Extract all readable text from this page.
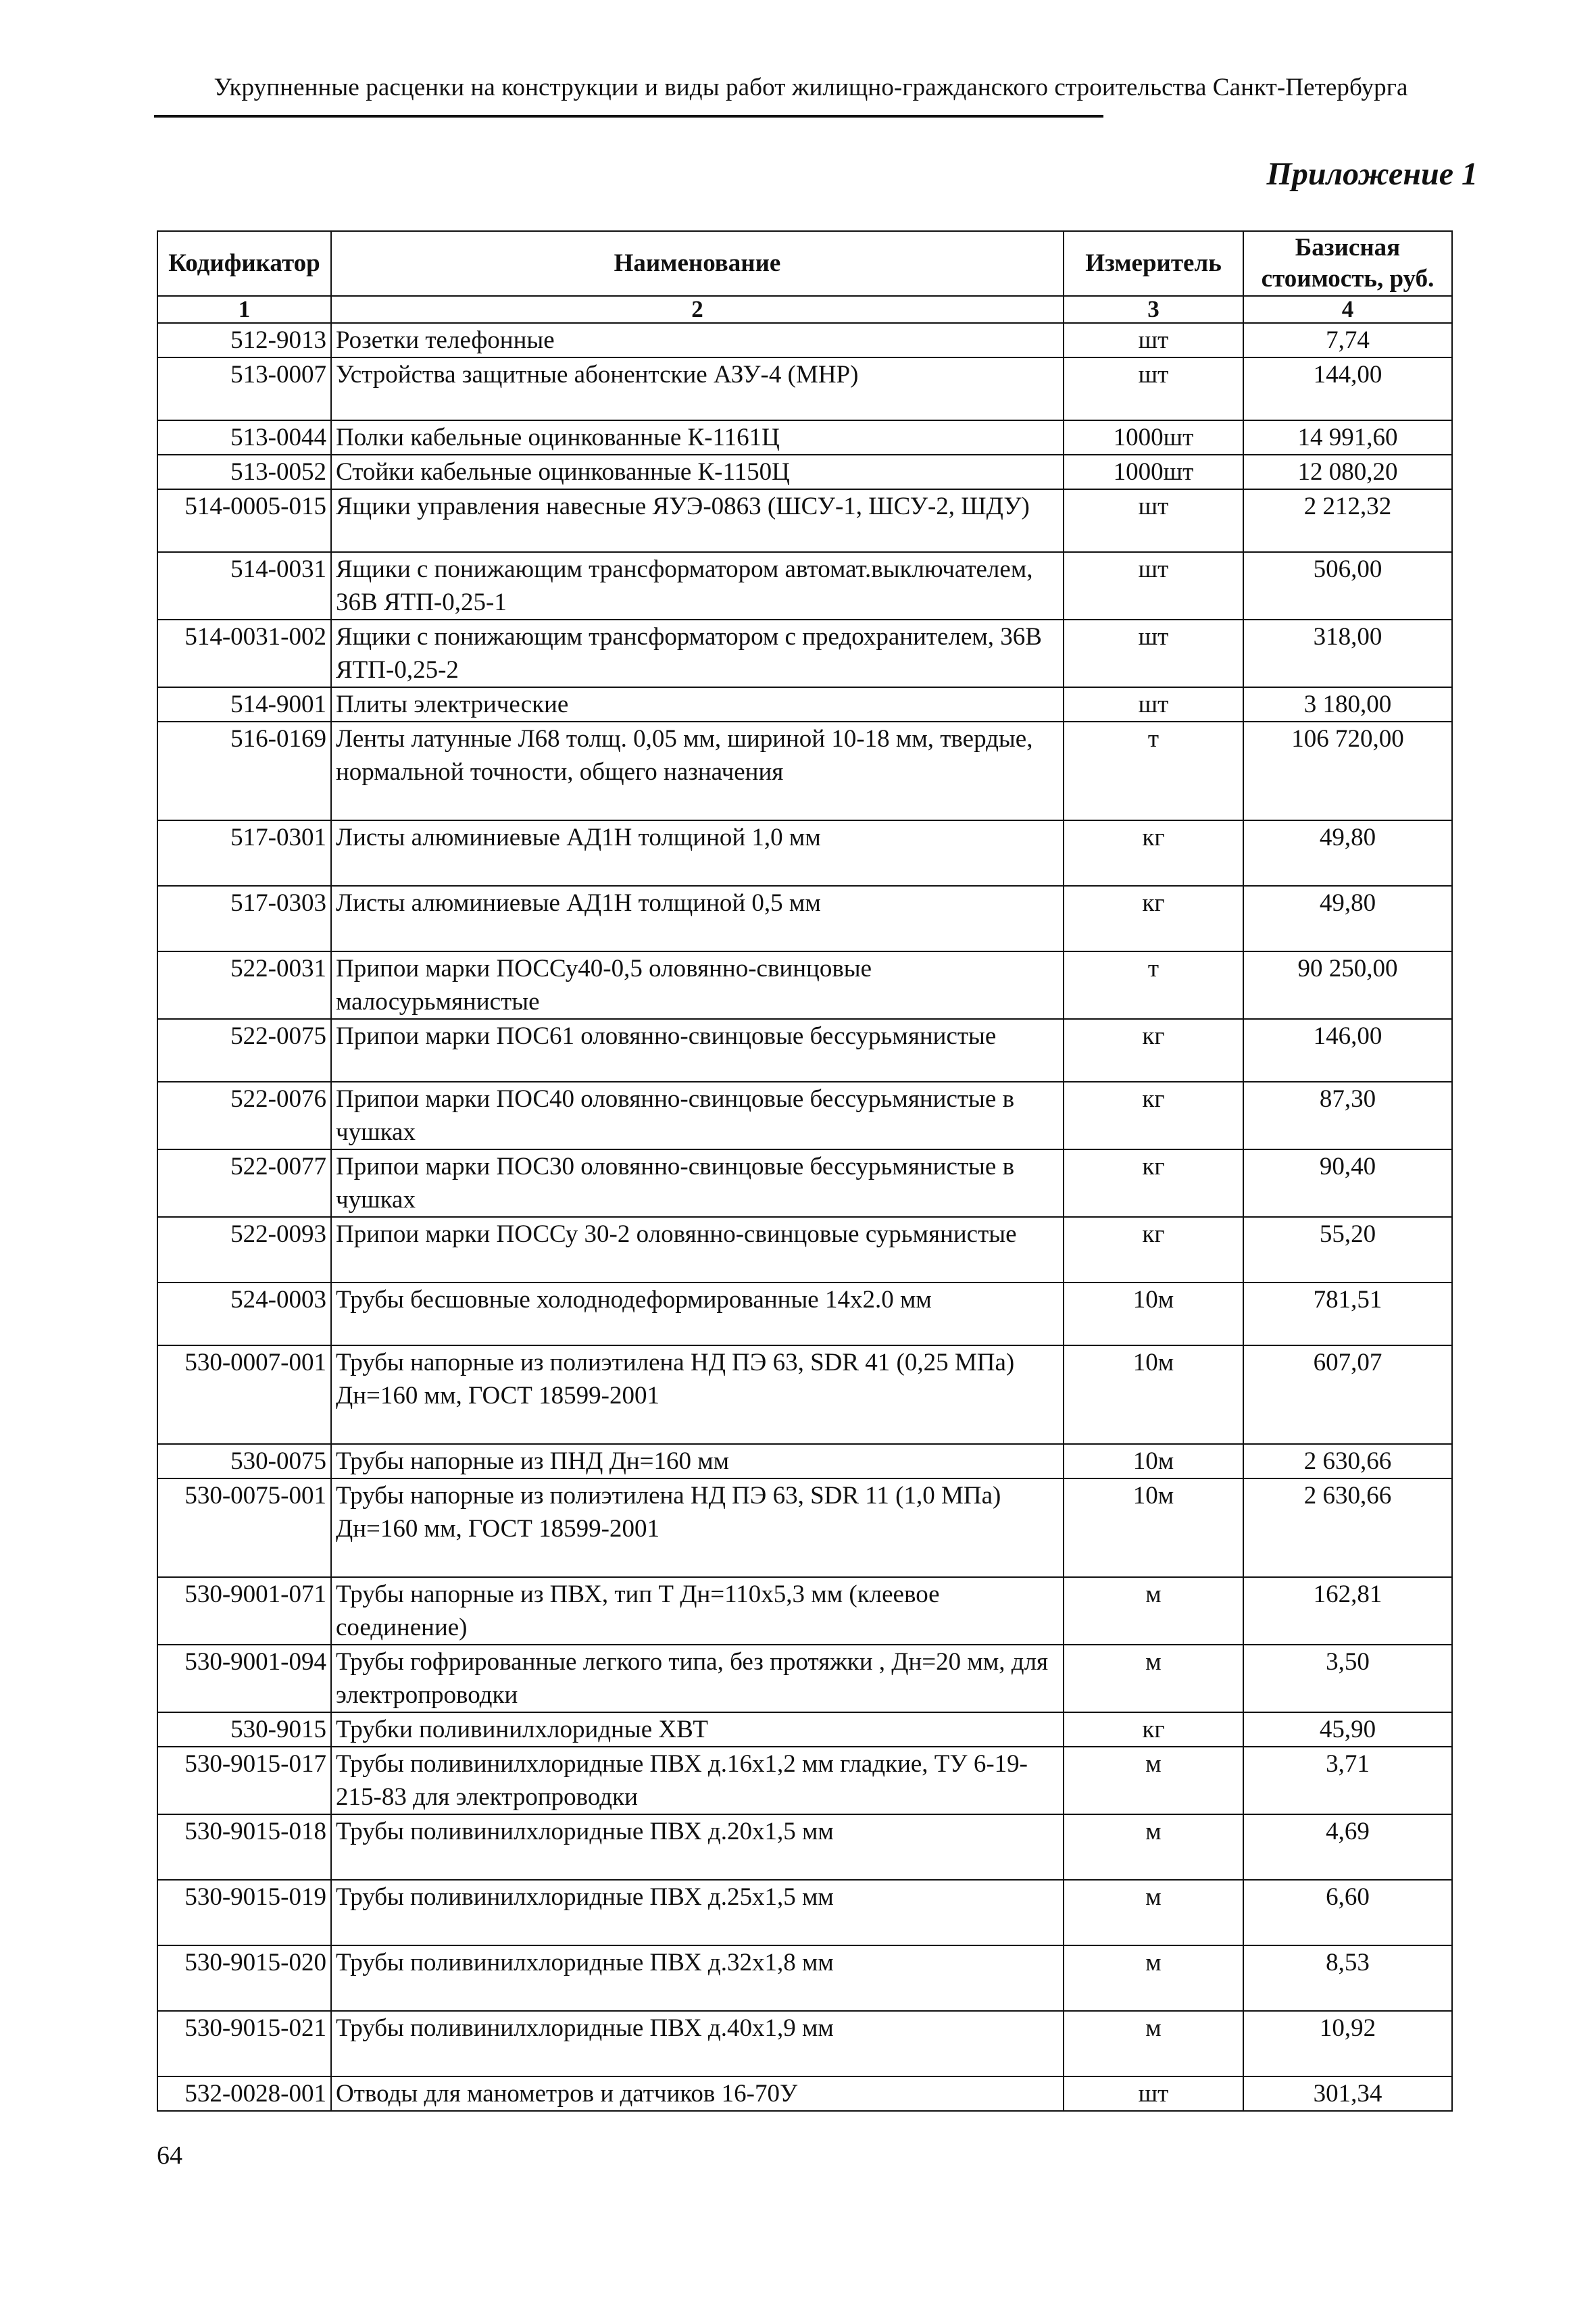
Укрупненные расценки на конструкции и виды работ жилищно-гражданского строительства Санкт-Петербурга
Приложение 1
Кодификатор	Наименование	Измеритель	Базисная стоимость, руб.
1	2	3	4
512-9013	Розетки телефонные	шт	7,74
513-0007	Устройства защитные абонентские АЗУ-4 (МНР)	шт	144,00
513-0044	Полки кабельные оцинкованные К-1161Ц	1000шт	14 991,60
513-0052	Стойки кабельные оцинкованные К-1150Ц	1000шт	12 080,20
514-0005-015	Ящики управления навесные ЯУЭ-0863 (ШСУ-1, ШСУ-2, ШДУ)	шт	2 212,32
514-0031	Ящики с понижающим трансформатором автомат.выключателем, 36В ЯТП-0,25-1	шт	506,00
514-0031-002	Ящики с понижающим трансформатором с предохранителем, 36В ЯТП-0,25-2	шт	318,00
514-9001	Плиты электрические	шт	3 180,00
516-0169	Ленты латунные Л68 толщ. 0,05 мм, шириной 10-18 мм, твердые, нормальной точности, общего назначения	т	106 720,00
517-0301	Листы алюминиевые АД1Н толщиной 1,0 мм	кг	49,80
517-0303	Листы алюминиевые АД1Н толщиной 0,5 мм	кг	49,80
522-0031	Припои марки ПОССу40-0,5 оловянно-свинцовые малосурьмянистые	т	90 250,00
522-0075	Припои марки ПОС61 оловянно-свинцовые бессурьмянистые	кг	146,00
522-0076	Припои марки ПОС40 оловянно-свинцовые бессурьмянистые в чушках	кг	87,30
522-0077	Припои марки ПОС30 оловянно-свинцовые бессурьмянистые в чушках	кг	90,40
522-0093	Припои марки ПОССу 30-2 оловянно-свинцовые сурьмянистые	кг	55,20
524-0003	Трубы бесшовные холоднодеформированные 14х2.0 мм	10м	781,51
530-0007-001	Трубы напорные из полиэтилена НД ПЭ 63, SDR 41 (0,25 МПа) Дн=160 мм, ГОСТ 18599-2001	10м	607,07
530-0075	Трубы напорные из ПНД Дн=160 мм	10м	2 630,66
530-0075-001	Трубы напорные из полиэтилена НД ПЭ 63, SDR 11 (1,0 МПа) Дн=160 мм, ГОСТ 18599-2001	10м	2 630,66
530-9001-071	Трубы напорные из ПВХ, тип Т Дн=110х5,3 мм (клеевое соединение)	м	162,81
530-9001-094	Трубы гофрированные легкого типа, без протяжки , Дн=20 мм, для электропроводки	м	3,50
530-9015	Трубки поливинилхлоридные ХВТ	кг	45,90
530-9015-017	Трубы поливинилхлоридные ПВХ д.16х1,2 мм гладкие, ТУ 6-19-215-83 для электропроводки	м	3,71
530-9015-018	Трубы поливинилхлоридные ПВХ д.20х1,5 мм	м	4,69
530-9015-019	Трубы поливинилхлоридные ПВХ д.25х1,5 мм	м	6,60
530-9015-020	Трубы поливинилхлоридные ПВХ д.32х1,8 мм	м	8,53
530-9015-021	Трубы поливинилхлоридные ПВХ д.40х1,9 мм	м	10,92
532-0028-001	Отводы для манометров и датчиков 16-70У	шт	301,34
64
